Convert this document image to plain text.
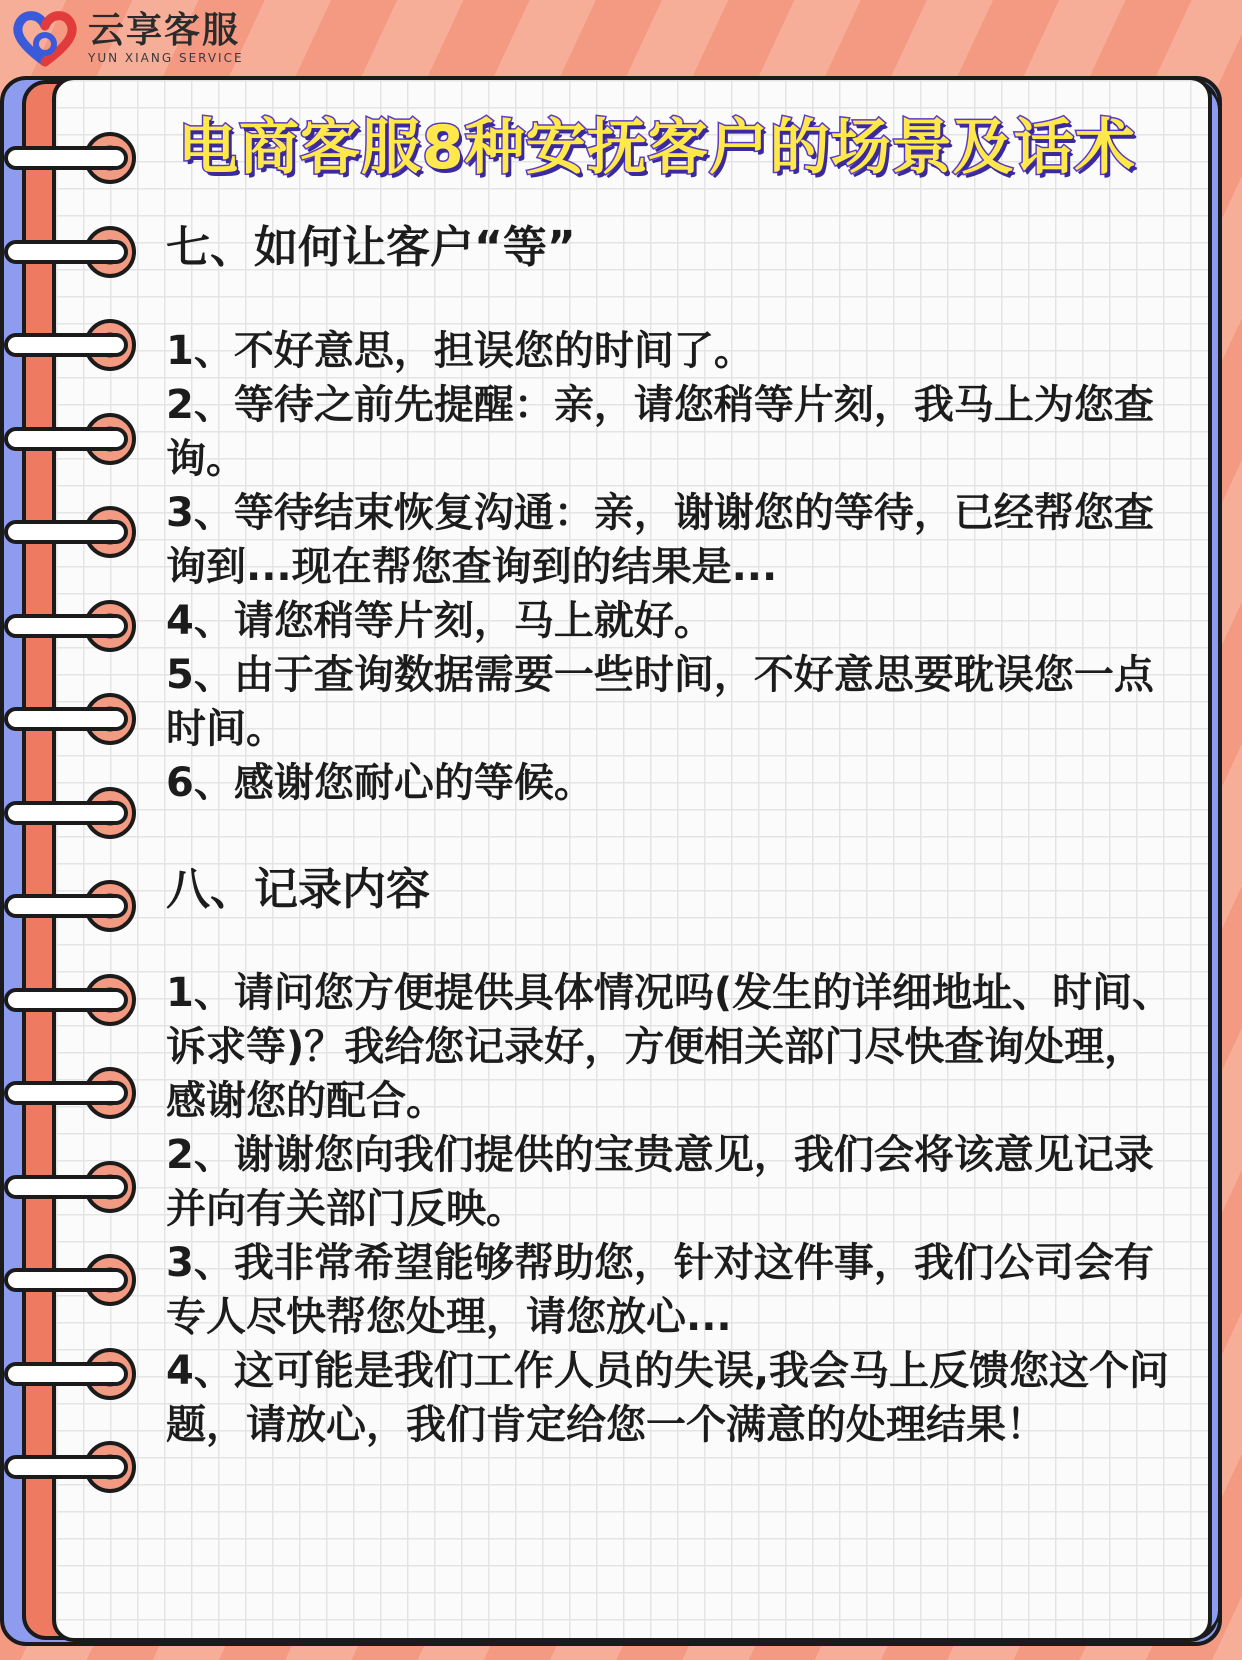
云享客服
YUN XIANG SERVICE
电商客服8种安抚客户的场景及话术
七、如何让客户“等”

1、不好意思，担误您的时间了。

2、等待之前先提醒：亲，请您稍等片刻，我马上为您查询。

3、等待结束恢复沟通：亲，谢谢您的等待，已经帮您查询到...现在帮您查询到的结果是...

4、请您稍等片刻，马上就好。

5、由于查询数据需要一些时间，不好意思要耽误您一点时间。

6、感谢您耐心的等候。

八、记录内容

1、请问您方便提供具体情况吗(发生的详细地址、时间、诉求等)？我给您记录好，方便相关部门尽快查询处理，感谢您的配合。

2、谢谢您向我们提供的宝贵意见，我们会将该意见记录并向有关部门反映。

3、我非常希望能够帮助您，针对这件事，我们公司会有专人尽快帮您处理，请您放心...

4、这可能是我们工作人员的失误,我会马上反馈您这个问题，请放心，我们肯定给您一个满意的处理结果！
